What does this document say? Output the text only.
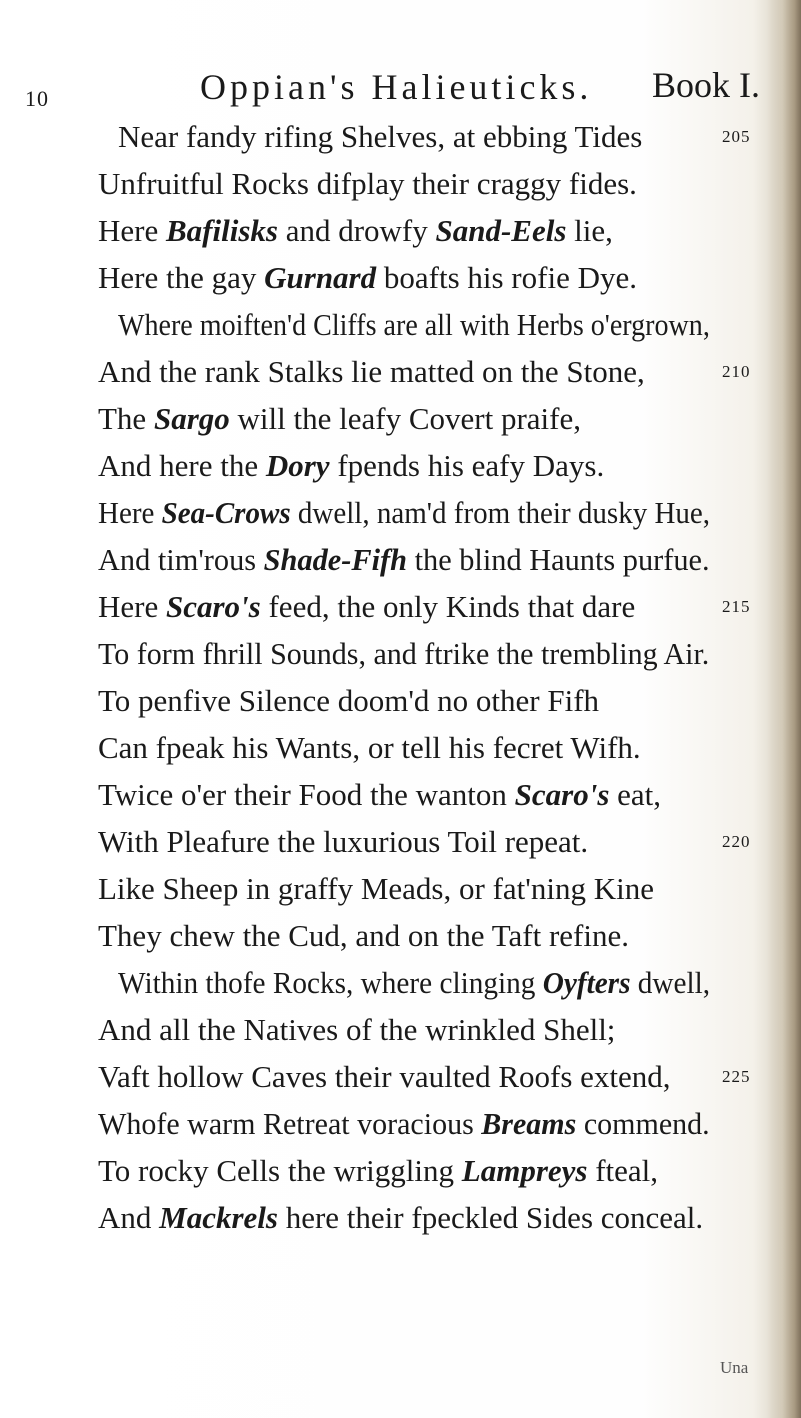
10	Oppian's Halieuticks. Book I.
Near fandy rifing Shelves, at ebbing Tides
Unfruitful Rocks difplay their craggy fides.
Here Bafilisks and drowfy Sand-Eels lie,
Here the gay Gurnard boafts his rofie Dye.
Where moiften'd Cliffs are all with Herbs o'ergrown,
And the rank Stalks lie matted on the Stone,
The Sargo will the leafy Covert praife,
And here the Dory fpends his eafy Days.
Here Sea-Crows dwell, nam'd from their dusky Hue,
And tim'rous Shade-Fifh the blind Haunts purfue.
Here Scaro's feed, the only Kinds that dare
To form fhrill Sounds, and ftrike the trembling Air.
To penfive Silence doom'd no other Fifh
Can fpeak his Wants, or tell his fecret Wifh.
Twice o'er their Food the wanton Scaro's eat,
With Pleafure the luxurious Toil repeat.
Like Sheep in graffy Meads, or fat'ning Kine
They chew the Cud, and on the Taft refine.
Within thofe Rocks, where clinging Oyfters dwell,
And all the Natives of the wrinkled Shell;
Vaft hollow Caves their vaulted Roofs extend,
Whofe warm Retreat voracious Breams commend.
To rocky Cells the wriggling Lampreys fteal,
And Mackrels here their fpeckled Sides conceal.
205
210
215
220
225
Una
